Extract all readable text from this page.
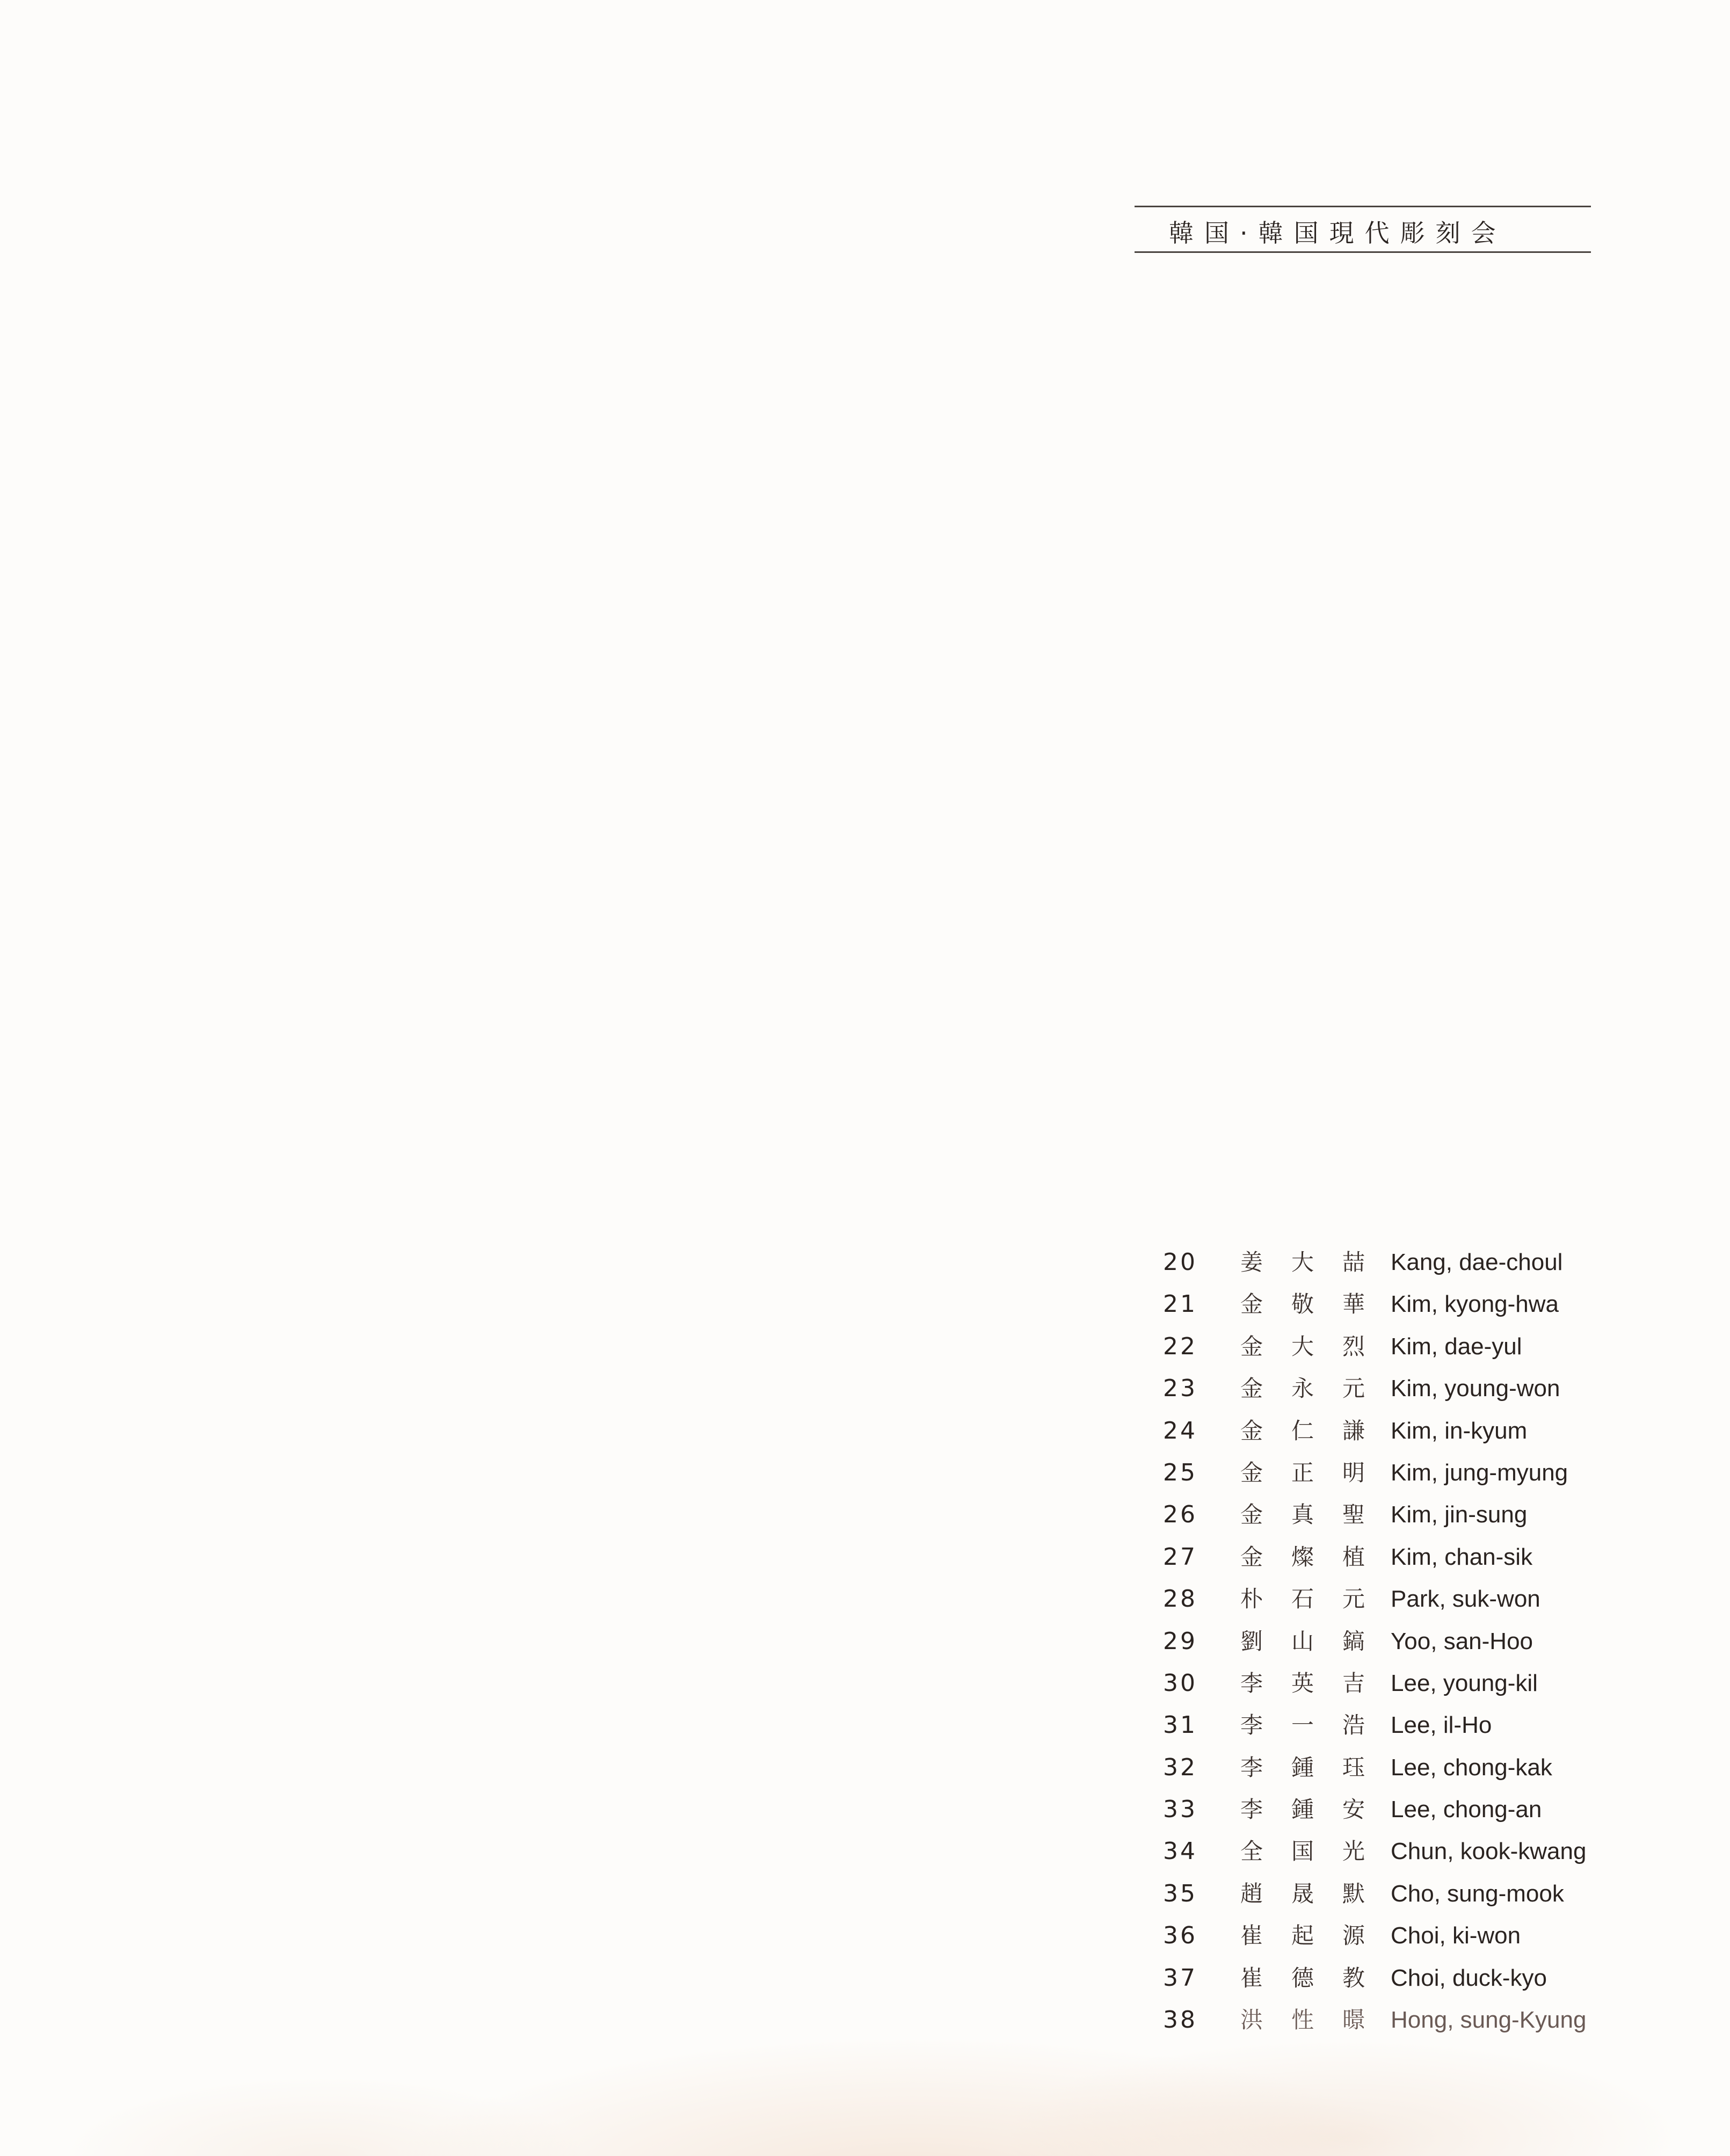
韓国·韓国現代彫刻会
20 姜 大 喆 Kang, dae-choul
21 金 敬 華 Kim, kyong-hwa
22 金 大 烈 Kim, dae-yul
23 金 永 元 Kim, young-won
24 金 仁 謙 Kim, in-kyum
25 金 正 明 Kim, jung-myung
26 金 真 聖 Kim, jin-sung
27 金 燦 植 Kim, chan-sik
28 朴 石 元 Park, suk-won
29 劉 山 鎬 Yoo, san-Hoo
30 李 英 吉 Lee, young-kil
31 李 一 浩 Lee, il-Ho
32 李 鍾 珏 Lee, chong-kak
33 李 鍾 安 Lee, chong-an
34 全 国 光 Chun, kook-kwang
35 趙 晟 默 Cho, sung-mook
36 崔 起 源 Choi, ki-won
37 崔 德 教 Choi, duck-kyo
38 洪 性 暻 Hong, sung-Kyung
